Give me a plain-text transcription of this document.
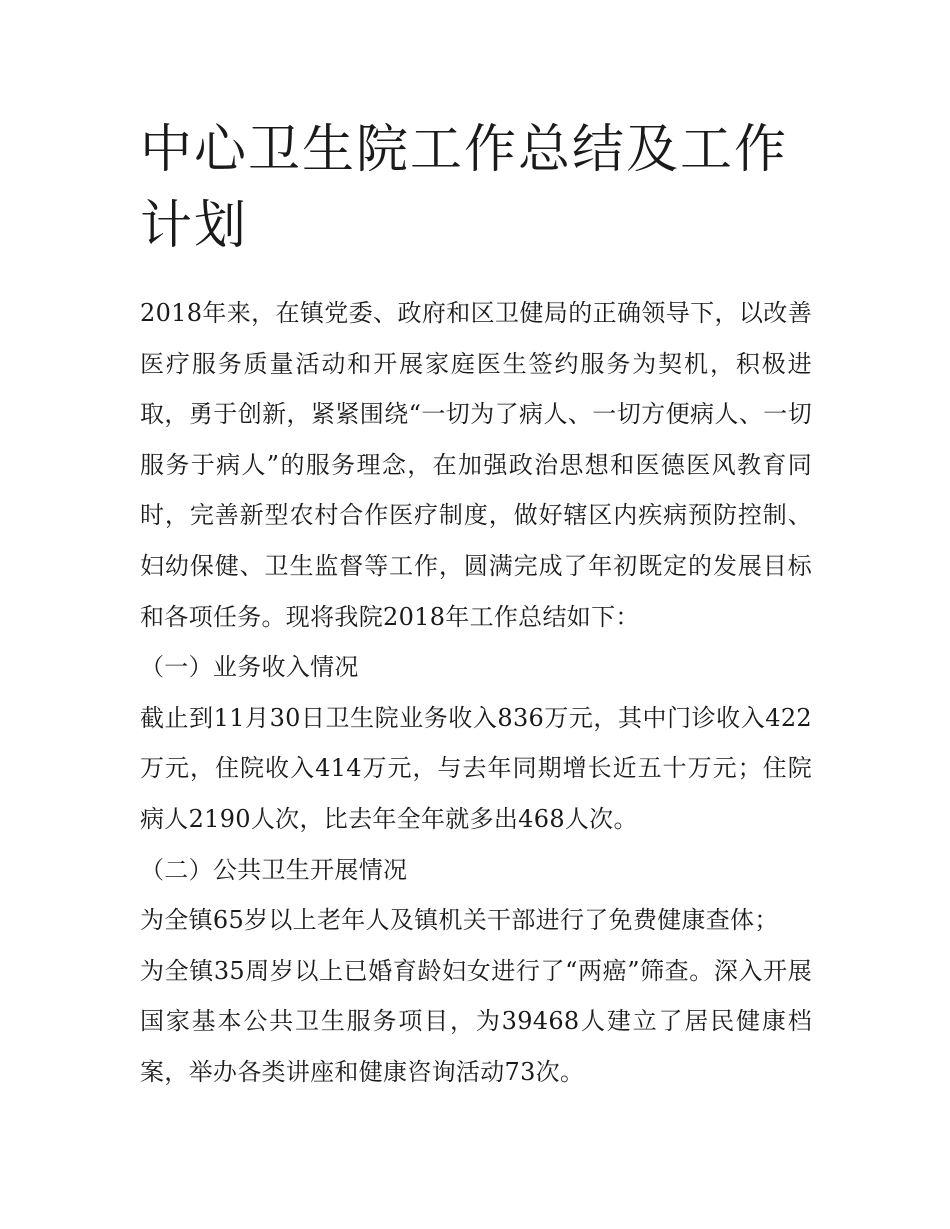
中心卫生院工作总结及工作计划

2018年来，在镇党委、政府和区卫健局的正确领导下，以改善医疗服务质量活动和开展家庭医生签约服务为契机，积极进取，勇于创新，紧紧围绕“一切为了病人、一切方便病人、一切服务于病人”的服务理念，在加强政治思想和医德医风教育同时，完善新型农村合作医疗制度，做好辖区内疾病预防控制、妇幼保健、卫生监督等工作，圆满完成了年初既定的发展目标和各项任务。现将我院2018年工作总结如下：

（一）业务收入情况

截止到11月30日卫生院业务收入836万元，其中门诊收入422万元，住院收入414万元，与去年同期增长近五十万元；住院病人2190人次，比去年全年就多出468人次。

（二）公共卫生开展情况

为全镇65岁以上老年人及镇机关干部进行了免费健康查体；

为全镇35周岁以上已婚育龄妇女进行了“两癌”筛查。深入开展国家基本公共卫生服务项目，为39468人建立了居民健康档案，举办各类讲座和健康咨询活动73次。
